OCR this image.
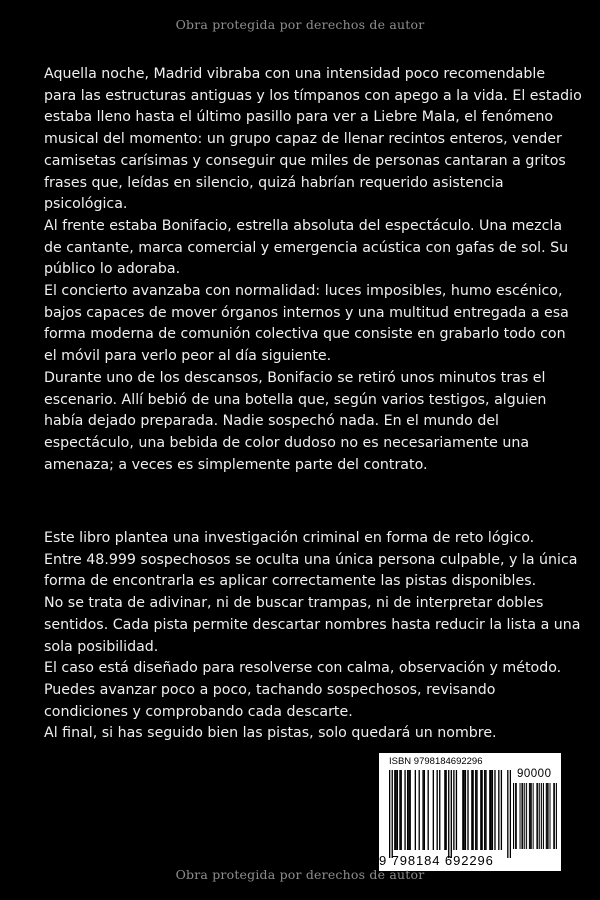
Obra protegida por derechos de autor

Aquella noche, Madrid vibraba con una intensidad poco recomendable

para las estructuras antiguas y los tímpanos con apego a la vida. El estadio

estaba lleno hasta el último pasillo para ver a Liebre Mala, el fenómeno

musical del momento: un grupo capaz de llenar recintos enteros, vender

camisetas carísimas y conseguir que miles de personas cantaran a gritos

frases que, leídas en silencio, quizá habrían requerido asistencia

psicológica.

Al frente estaba Bonifacio, estrella absoluta del espectáculo. Una mezcla

de cantante, marca comercial y emergencia acústica con gafas de sol. Su

público lo adoraba.

El concierto avanzaba con normalidad: luces imposibles, humo escénico,

bajos capaces de mover órganos internos y una multitud entregada a esa

forma moderna de comunión colectiva que consiste en grabarlo todo con

el móvil para verlo peor al día siguiente.

Durante uno de los descansos, Bonifacio se retiró unos minutos tras el

escenario. Allí bebió de una botella que, según varios testigos, alguien

había dejado preparada. Nadie sospechó nada. En el mundo del

espectáculo, una bebida de color dudoso no es necesariamente una

amenaza; a veces es simplemente parte del contrato.

Este libro plantea una investigación criminal en forma de reto lógico.

Entre 48.999 sospechosos se oculta una única persona culpable, y la única

forma de encontrarla es aplicar correctamente las pistas disponibles.

No se trata de adivinar, ni de buscar trampas, ni de interpretar dobles

sentidos. Cada pista permite descartar nombres hasta reducir la lista a una

sola posibilidad.

El caso está diseñado para resolverse con calma, observación y método.

Puedes avanzar poco a poco, tachando sospechosos, revisando

condiciones y comprobando cada descarte.

Al final, si has seguido bien las pistas, solo quedará un nombre.

ISBN 9798184692296
90000
9 798184 692296
Obra protegida por derechos de autor
